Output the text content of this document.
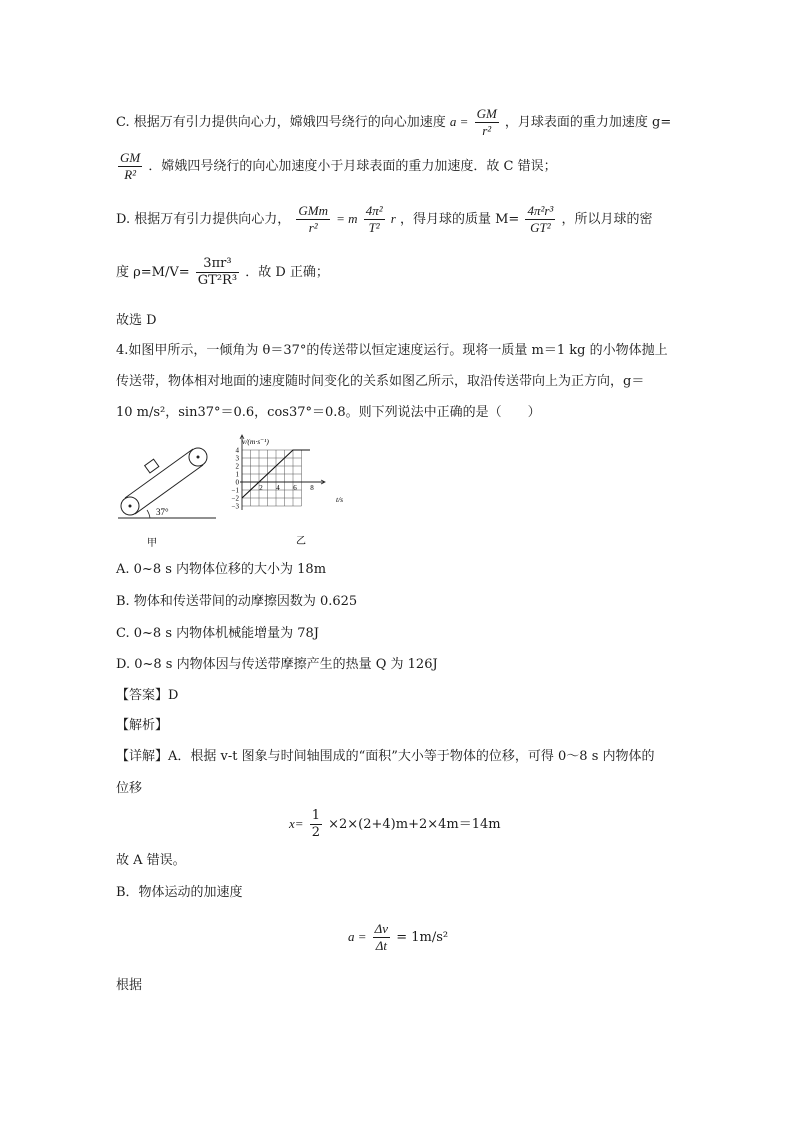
C. 根据万有引力提供向心力，嫦娥四号绕行的向心加速度 $a = \frac{GM}{\text{r²}}$ ，月球表面的重力加速度 g=
$\frac{GM}{\text{R²}}$ ．嫦娥四号绕行的向心加速度小于月球表面的重力加速度．故 C 错误；
D. 根据万有引力提供向心力，
GMm
r²
= m $\frac{\text{4π²}}{\text{T²}}$ r ，得月球的质量 $M= \frac{\text{4π²r³}}{\text{GT²}}$ ，所以月球的密
度 $\rho=M/V= \frac{\text{3πr³}}{\text{GT²R³}}$ ．故 D 正确；
故选 D
4.如图甲所示，一倾角为 θ＝37°的传送带以恒定速度运行。现将一质量 m＝1 kg 的小物体抛上
传送带，物体相对地面的速度随时间变化的关系如图乙所示，取沿传送带向上为正方向，g＝
10 m/s²，sin37°＝0.6，cos37°＝0.8。则下列说法中正确的是（　　）
37°
甲
4
3
2
1
0
−1
−2
−3
2 4 6 8
v/(m·s⁻¹)
t/s
乙
A. 0~8 s 内物体位移的大小为 18m
B. 物体和传送带间的动摩擦因数为 0.625
C. 0~8 s 内物体机械能增量为 78J
D. 0~8 s 内物体因与传送带摩擦产生的热量 Q 为 126J
【答案】D
【解析】
【详解】A．根据 v-t 图象与时间轴围成的“面积”大小等于物体的位移，可得 0～8 s 内物体的
位移
$x= \frac{1}{2} \times 2\times(2+4)m+2\times 4m=14m$
故 A 错误。
B．物体运动的加速度
$a = \frac{\Delta v}{\Delta t} = 1m/s^2$
根据
